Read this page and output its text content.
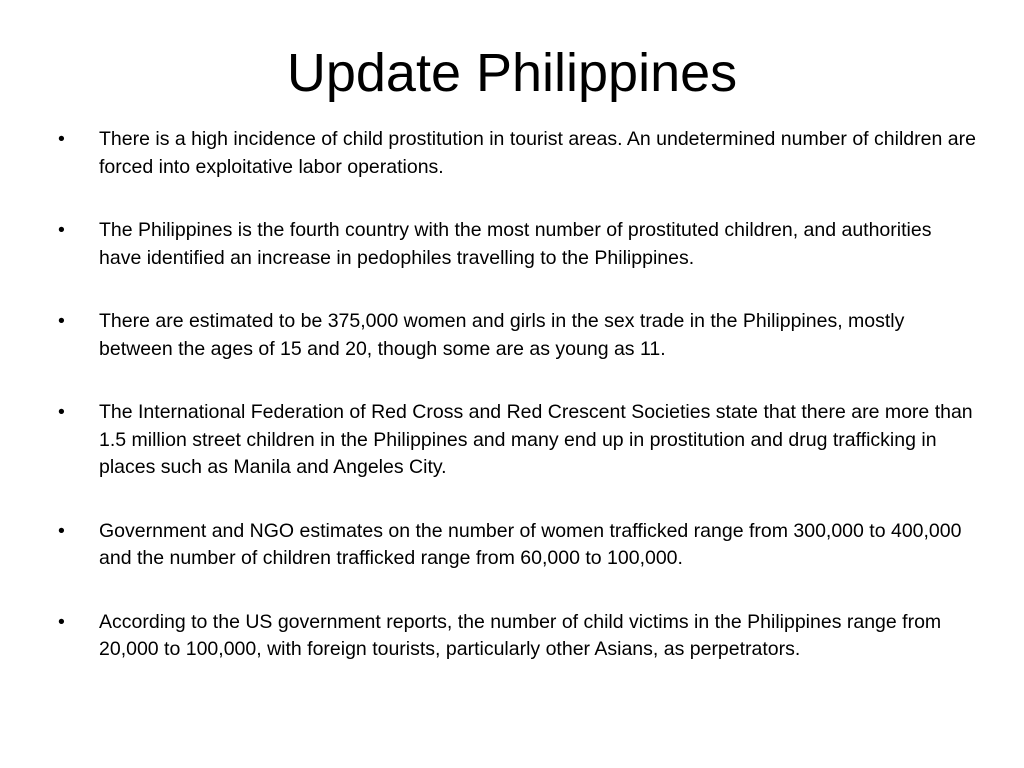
Update Philippines
•	There is a high incidence of child prostitution in tourist areas. An undetermined number of children are forced into exploitative labor operations.
•	The Philippines is the fourth country with the most number of prostituted children, and authorities have identified an increase in pedophiles travelling to the Philippines.
•	There are estimated to be 375,000 women and girls in the sex trade in the Philippines, mostly between the ages of 15 and 20, though some are as young as 11.
•	The International Federation of Red Cross and Red Crescent Societies state that there are more than 1.5 million street children in the Philippines and many end up in prostitution and drug trafficking in places such as Manila and Angeles City.
•	Government and NGO estimates on the number of women trafficked range from 300,000 to 400,000 and the number of children trafficked range from 60,000 to 100,000.
•	According to the US government reports, the number of child victims in the Philippines range from 20,000 to 100,000, with foreign tourists, particularly other Asians, as perpetrators.
